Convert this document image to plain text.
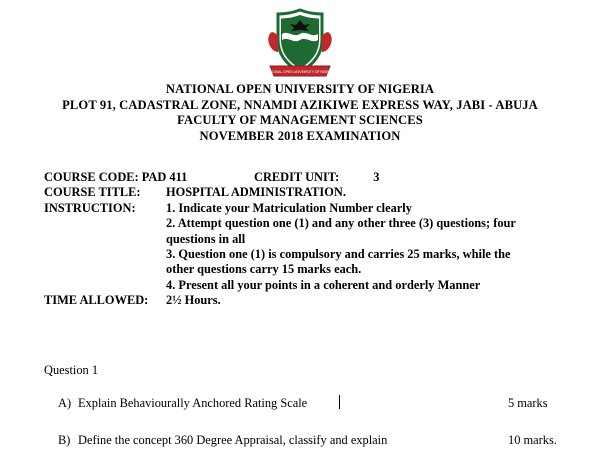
NATIONAL OPEN UNIVERSITY OF NIGERIA
NATIONAL OPEN UNIVERSITY OF NIGERIA
PLOT 91, CADASTRAL ZONE, NNAMDI AZIKIWE EXPRESS WAY, JABI - ABUJA
FACULTY OF MANAGEMENT SCIENCES
NOVEMBER 2018 EXAMINATION
COURSE CODE: PAD 411	CREDIT UNIT:	3
COURSE TITLE:	HOSPITAL ADMINISTRATION.
INSTRUCTION:	1. Indicate your Matriculation Number clearly
2. Attempt question one (1) and any other three (3) questions; four
questions in all
3. Question one (1) is compulsory and carries 25 marks, while the
other questions carry 15 marks each.
4. Present all your points in a coherent and orderly Manner
TIME ALLOWED:	2½ Hours.
Question 1
A) Explain Behaviourally Anchored Rating Scale	5 marks
B) Define the concept 360 Degree Appraisal, classify and explain	10 marks.
